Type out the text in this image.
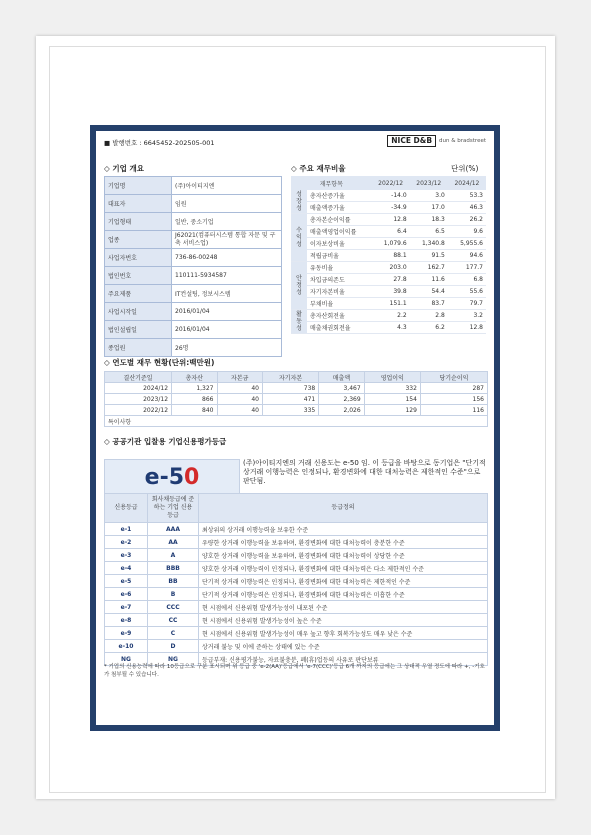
■ 발행번호 : 6645452-202505-001	NICE D&B	dun & bradstreet
◇ 기업 개요
기업명	(주)아이티지엔
대표자	임원
기업형태	일반, 중소기업
업종	J62021(컴퓨터시스템 통합 자문 및 구축 서비스업)
사업자번호	736-86-00248
법인번호	110111-5934587
주요제품	IT컨설팅, 정보시스템
사업시작일	2016/01/04
법인설립일	2016/01/04
종업원	26명
◇ 주요 재무비율	단위(%)
재무항목		2022/12	2023/12	2024/12
성장성	총자산증가율	-14.0	3.0	53.3
	매출액증가율	-34.9	17.0	46.3
수익성	총자본순이익률	12.8	18.3	26.2
	매출액영업이익률	6.4	6.5	9.6
	이자보상비율	1,079.6	1,340.8	5,955.6
	적립금비율	88.1	91.5	94.6
안정성	유동비율	203.0	162.7	177.7
	차입금의존도	27.8	11.6	6.8
	자기자본비율	39.8	54.4	55.6
	부채비율	151.1	83.7	79.7
활동성	총자산회전율	2.2	2.8	3.2
	매출채권회전율	4.3	6.2	12.8
◇ 연도별 재무 현황(단위:백만원)
결산기준일	총자산	자본금	자기자본	매출액	영업이익	당기순이익
2024/12	1,327	40	738	3,467	332	287
2023/12	866	40	471	2,369	154	156
2022/12	840	40	335	2,026	129	116
특이사항						
◇ 공공기관 입찰용 기업신용평가등급
e-5 0
(주)아이티지엔의 거래 신용도는 e-50 임. 이 등급을 바탕으로 동기업은 "단기적 상거래 이행능력은 인정되나, 환경변화에 대한 대처능력은 제한적인 수준"으로 판단됨.
신용등급	회사채등급에 준하는 기업 신용등급	등급정의
e-1	AAA	최상위의 상거래 이행능력을 보유한 수준
e-2	AA	우량한 상거래 이행능력을 보유하며, 환경변화에 대한 대처능력이 충분한 수준
e-3	A	양호한 상거래 이행능력을 보유하며, 환경변화에 대한 대처능력이 상당한 수준
e-4	BBB	양호한 상거래 이행능력이 인정되나, 환경변화에 대한 대처능력은 다소 제한적인 수준
e-5	BB	단기적 상거래 이행능력은 인정되나, 환경변화에 대한 대처능력은 제한적인 수준
e-6	B	단기적 상거래 이행능력은 인정되나, 환경변화에 대한 대처능력은 미흡한 수준
e-7	CCC	현 시점에서 신용위험 발생가능성이 내포된 수준
e-8	CC	현 시점에서 신용위험 발생가능성이 높은 수준
e-9	C	현 시점에서 신용위험 발생가능성이 매우 높고 향후 회복가능성도 매우 낮은 수준
e-10	D	상거래 불능 및 이에 준하는 상태에 있는 수준
NG	NG	등급부재: 신용평가불능, 자료불충분, 폐(휴)업등의 사유로 판단보류
* 기업의 신용능력에 따라 10등급으로 구분 표시되며 위 등급 중 'e-2(AA)'등급에서 'e-7(CCC)'등급 6개 까지의 등급에는 그 상대적 우열 정도에 따라 +, -기호가 첨부될 수 있습니다.
